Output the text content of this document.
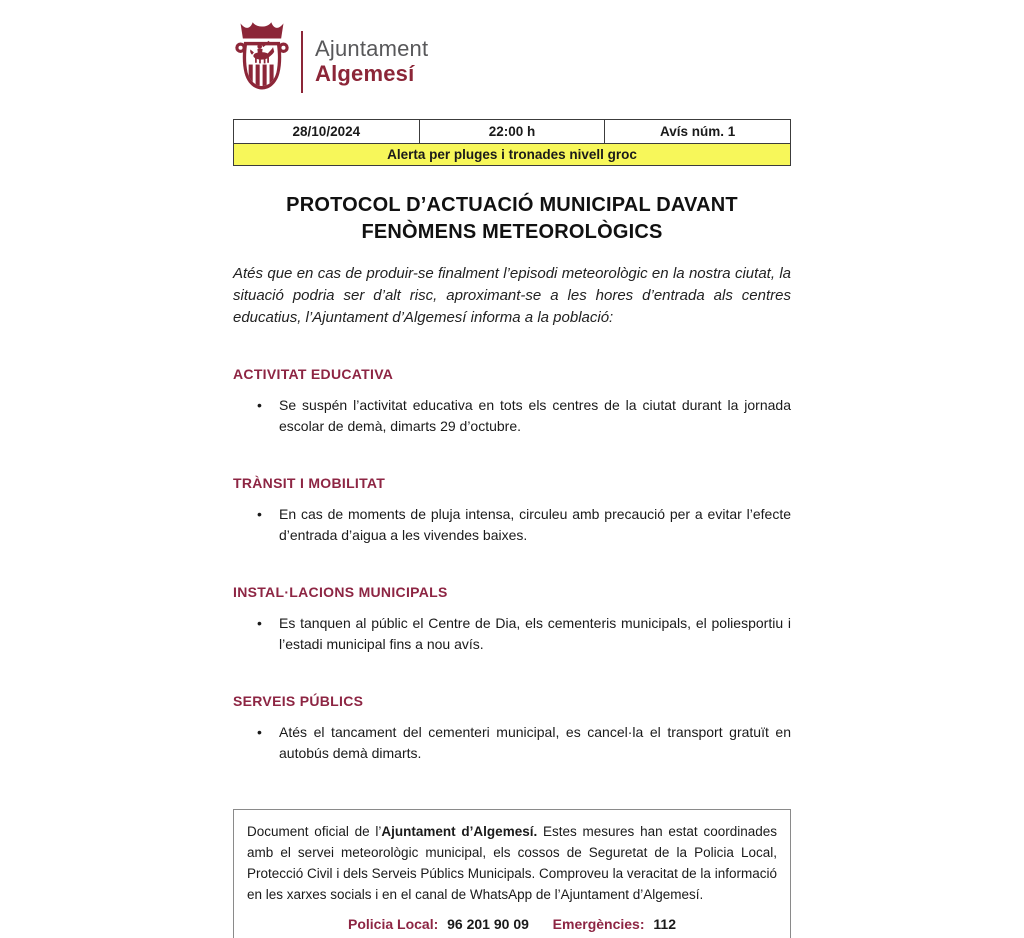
Ajuntament
Algemesí
28/10/2024	22:00 h	Avís núm. 1
Alerta per pluges i tronades nivell groc
PROTOCOL D’ACTUACIÓ MUNICIPAL DAVANT
FENÒMENS METEOROLÒGICS

Atés que en cas de produir-se finalment l’episodi meteorològic en la nostra ciutat, la situació podria ser d’alt risc, aproximant-se a les hores d’entrada als centres educatius, l’Ajuntament d’Algemesí informa a la població:

ACTIVITAT EDUCATIVA
• Se suspén l’activitat educativa en tots els centres de la ciutat durant la jornada escolar de demà, dimarts 29 d’octubre.
TRÀNSIT I MOBILITAT
• En cas de moments de pluja intensa, circuleu amb precaució per a evitar l’efecte d’entrada d’aigua a les vivendes baixes.
INSTAL·LACIONS MUNICIPALS
• Es tanquen al públic el Centre de Dia, els cementeris municipals, el poliesportiu i l’estadi municipal fins a nou avís.
SERVEIS PÚBLICS
• Atés el tancament del cementeri municipal, es cancel·la el transport gratuït en autobús demà dimarts.

Document oficial de l’Ajuntament d’Algemesí. Estes mesures han estat coordinades amb el servei meteorològic municipal, els cossos de Seguretat de la Policia Local, Protecció Civil i dels Serveis Públics Municipals. Comproveu la veracitat de la informació en les xarxes socials i en el canal de WhatsApp de l’Ajuntament d’Algemesí.

Policia Local: 96 201 90 09 Emergències: 112
